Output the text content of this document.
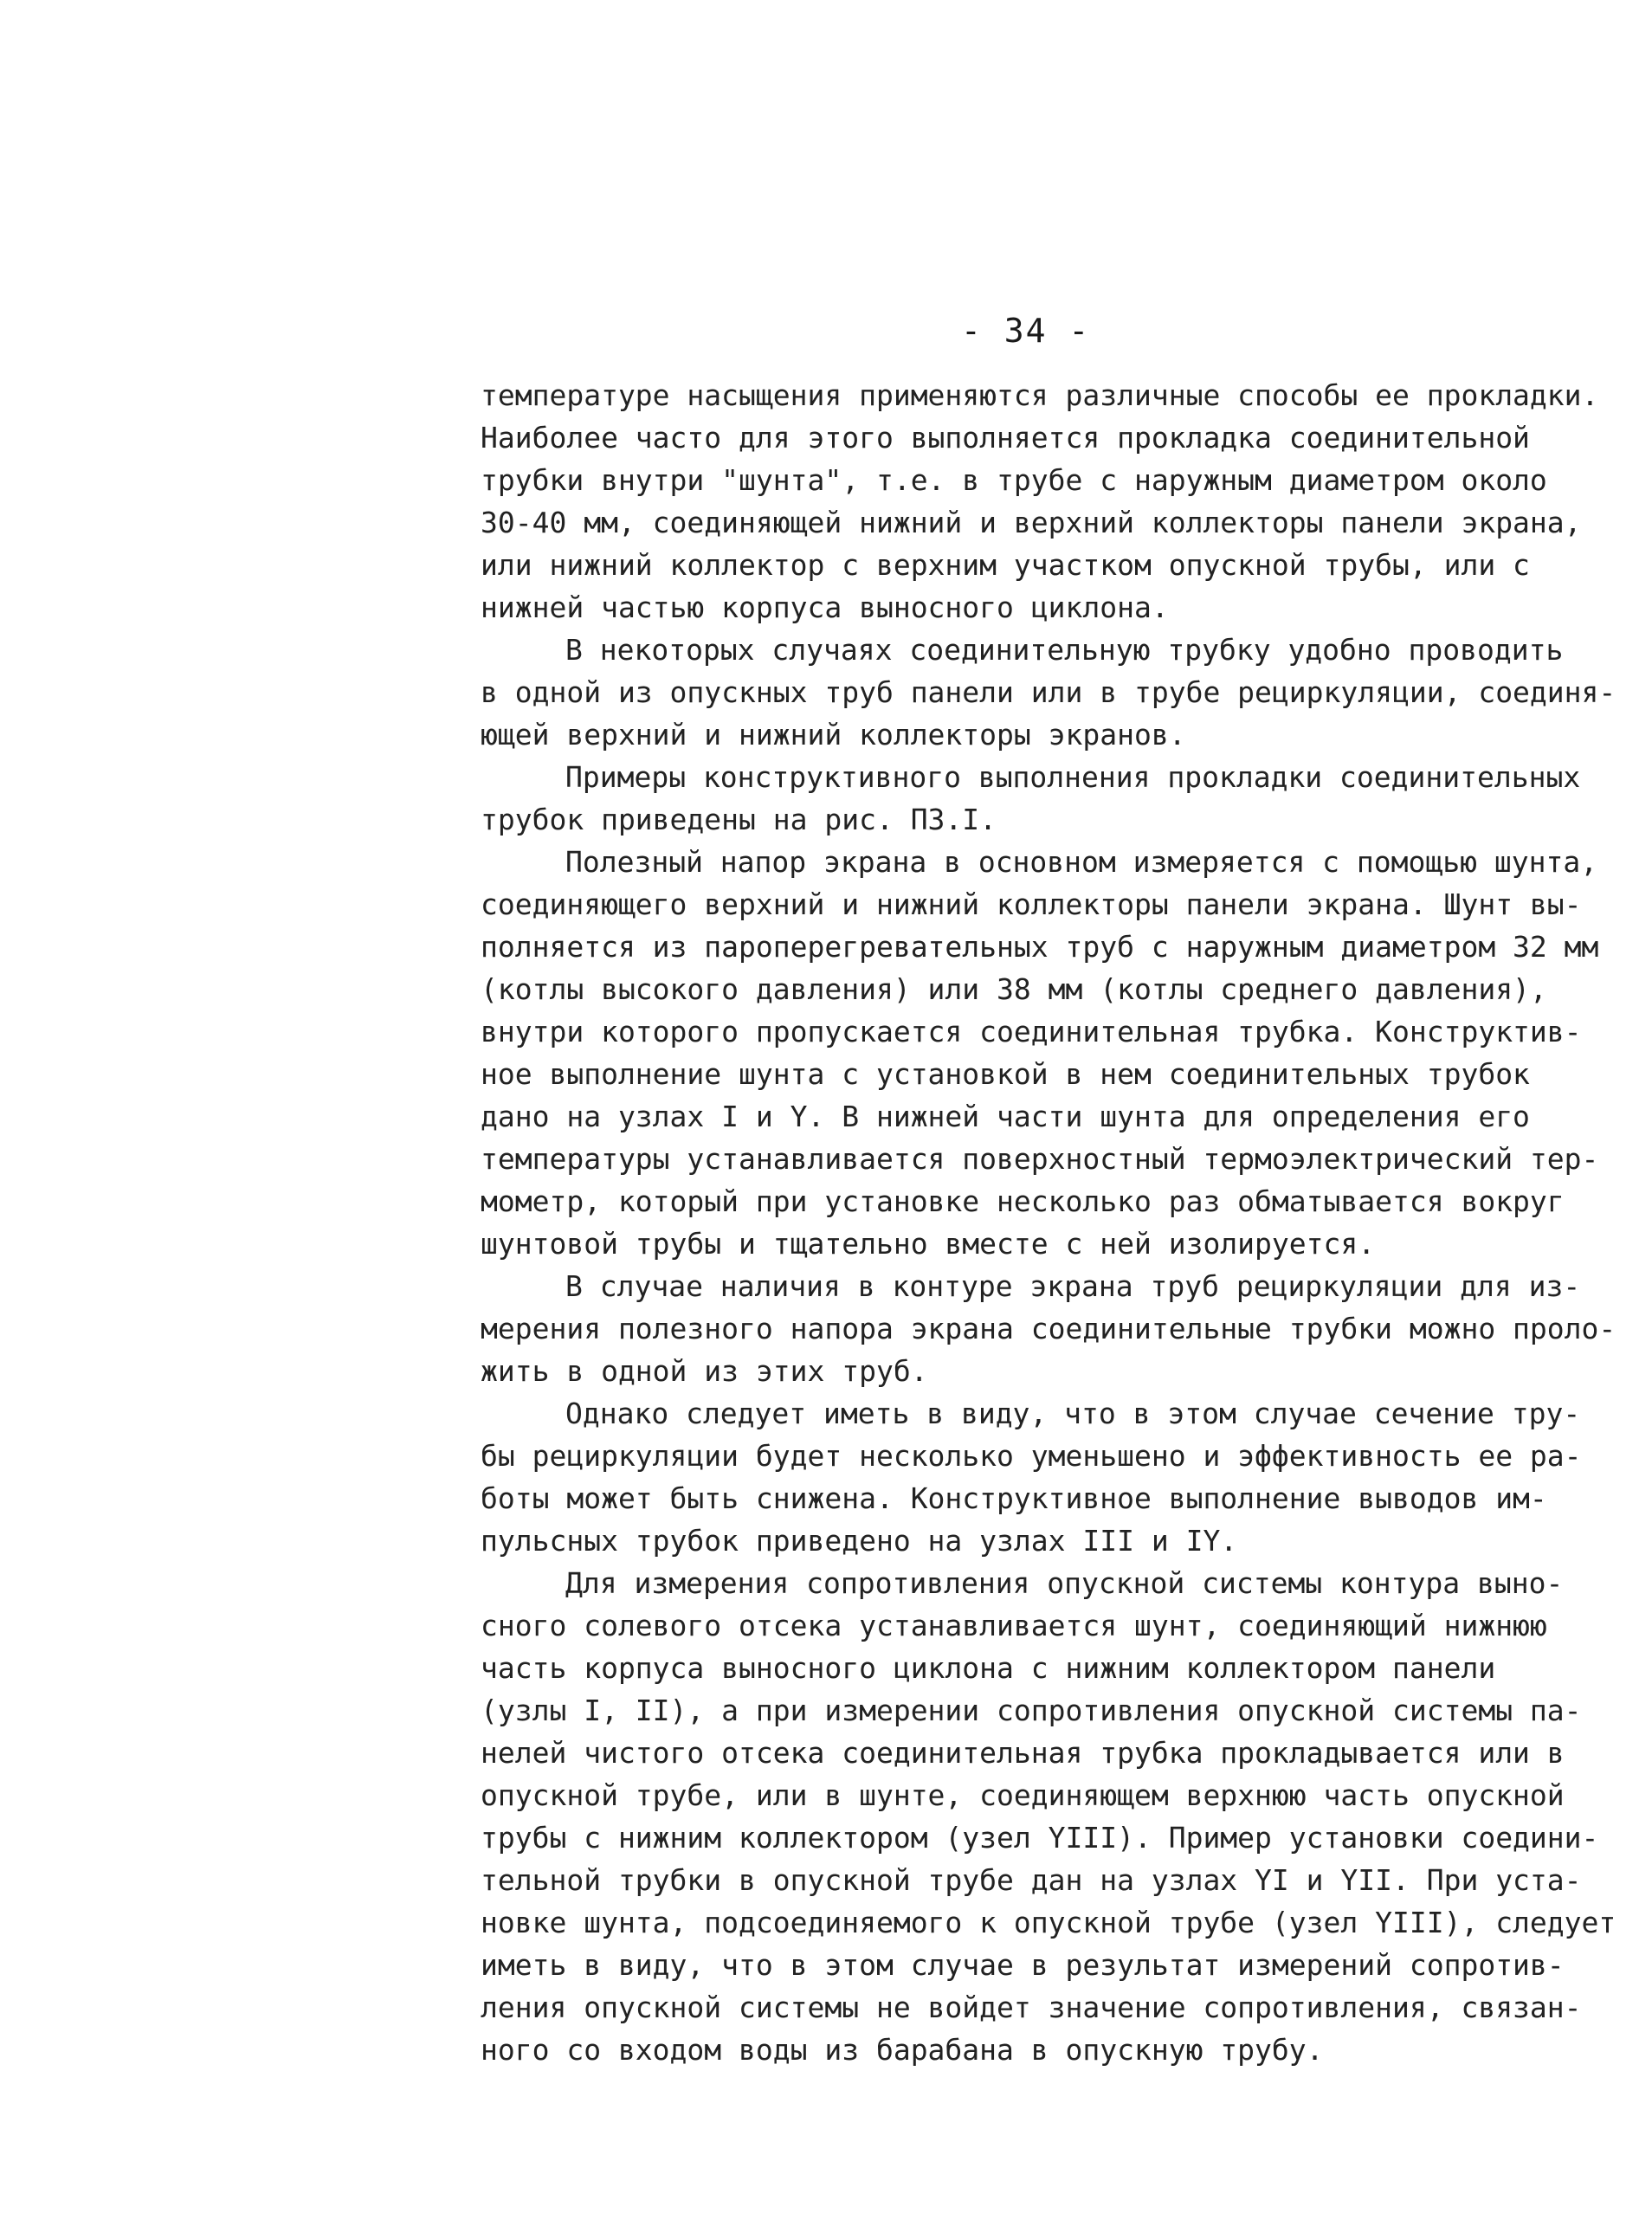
- 34 -
температуре насыщения применяются различные способы ее прокладки.
Наиболее часто для этого выполняется прокладка соединительной
трубки внутри "шунта", т.е. в трубе с наружным диаметром около
30-40 мм, соединяющей нижний и верхний коллекторы панели экрана,
или нижний коллектор с верхним участком опускной трубы, или с
нижней частью корпуса выносного циклона.
В некоторых случаях соединительную трубку удобно проводить
в одной из опускных труб панели или в трубе рециркуляции, соединя-
ющей верхний и нижний коллекторы экранов.
Примеры конструктивного выполнения прокладки соединительных
трубок приведены на рис. П3.I.
Полезный напор экрана в основном измеряется с помощью шунта,
соединяющего верхний и нижний коллекторы панели экрана. Шунт вы-
полняется из пароперегревательных труб с наружным диаметром 32 мм
(котлы высокого давления) или 38 мм (котлы среднего давления),
внутри которого пропускается соединительная трубка. Конструктив-
ное выполнение шунта с установкой в нем соединительных трубок
дано на узлах I и Y. В нижней части шунта для определения его
температуры устанавливается поверхностный термоэлектрический тер-
мометр, который при установке несколько раз обматывается вокруг
шунтовой трубы и тщательно вместе с ней изолируется.
В случае наличия в контуре экрана труб рециркуляции для из-
мерения полезного напора экрана соединительные трубки можно проло-
жить в одной из этих труб.
Однако следует иметь в виду, что в этом случае сечение тру-
бы рециркуляции будет несколько уменьшено и эффективность ее ра-
боты может быть снижена. Конструктивное выполнение выводов им-
пульсных трубок приведено на узлах III и IY.
Для измерения сопротивления опускной системы контура выно-
сного солевого отсека устанавливается шунт, соединяющий нижнюю
часть корпуса выносного циклона с нижним коллектором панели
(узлы I, II), а при измерении сопротивления опускной системы па-
нелей чистого отсека соединительная трубка прокладывается или в
опускной трубе, или в шунте, соединяющем верхнюю часть опускной
трубы с нижним коллектором (узел YIII). Пример установки соедини-
тельной трубки в опускной трубе дан на узлах YI и YII. При уста-
новке шунта, подсоединяемого к опускной трубе (узел YIII), следует
иметь в виду, что в этом случае в результат измерений сопротив-
ления опускной системы не войдет значение сопротивления, связан-
ного со входом воды из барабана в опускную трубу.
